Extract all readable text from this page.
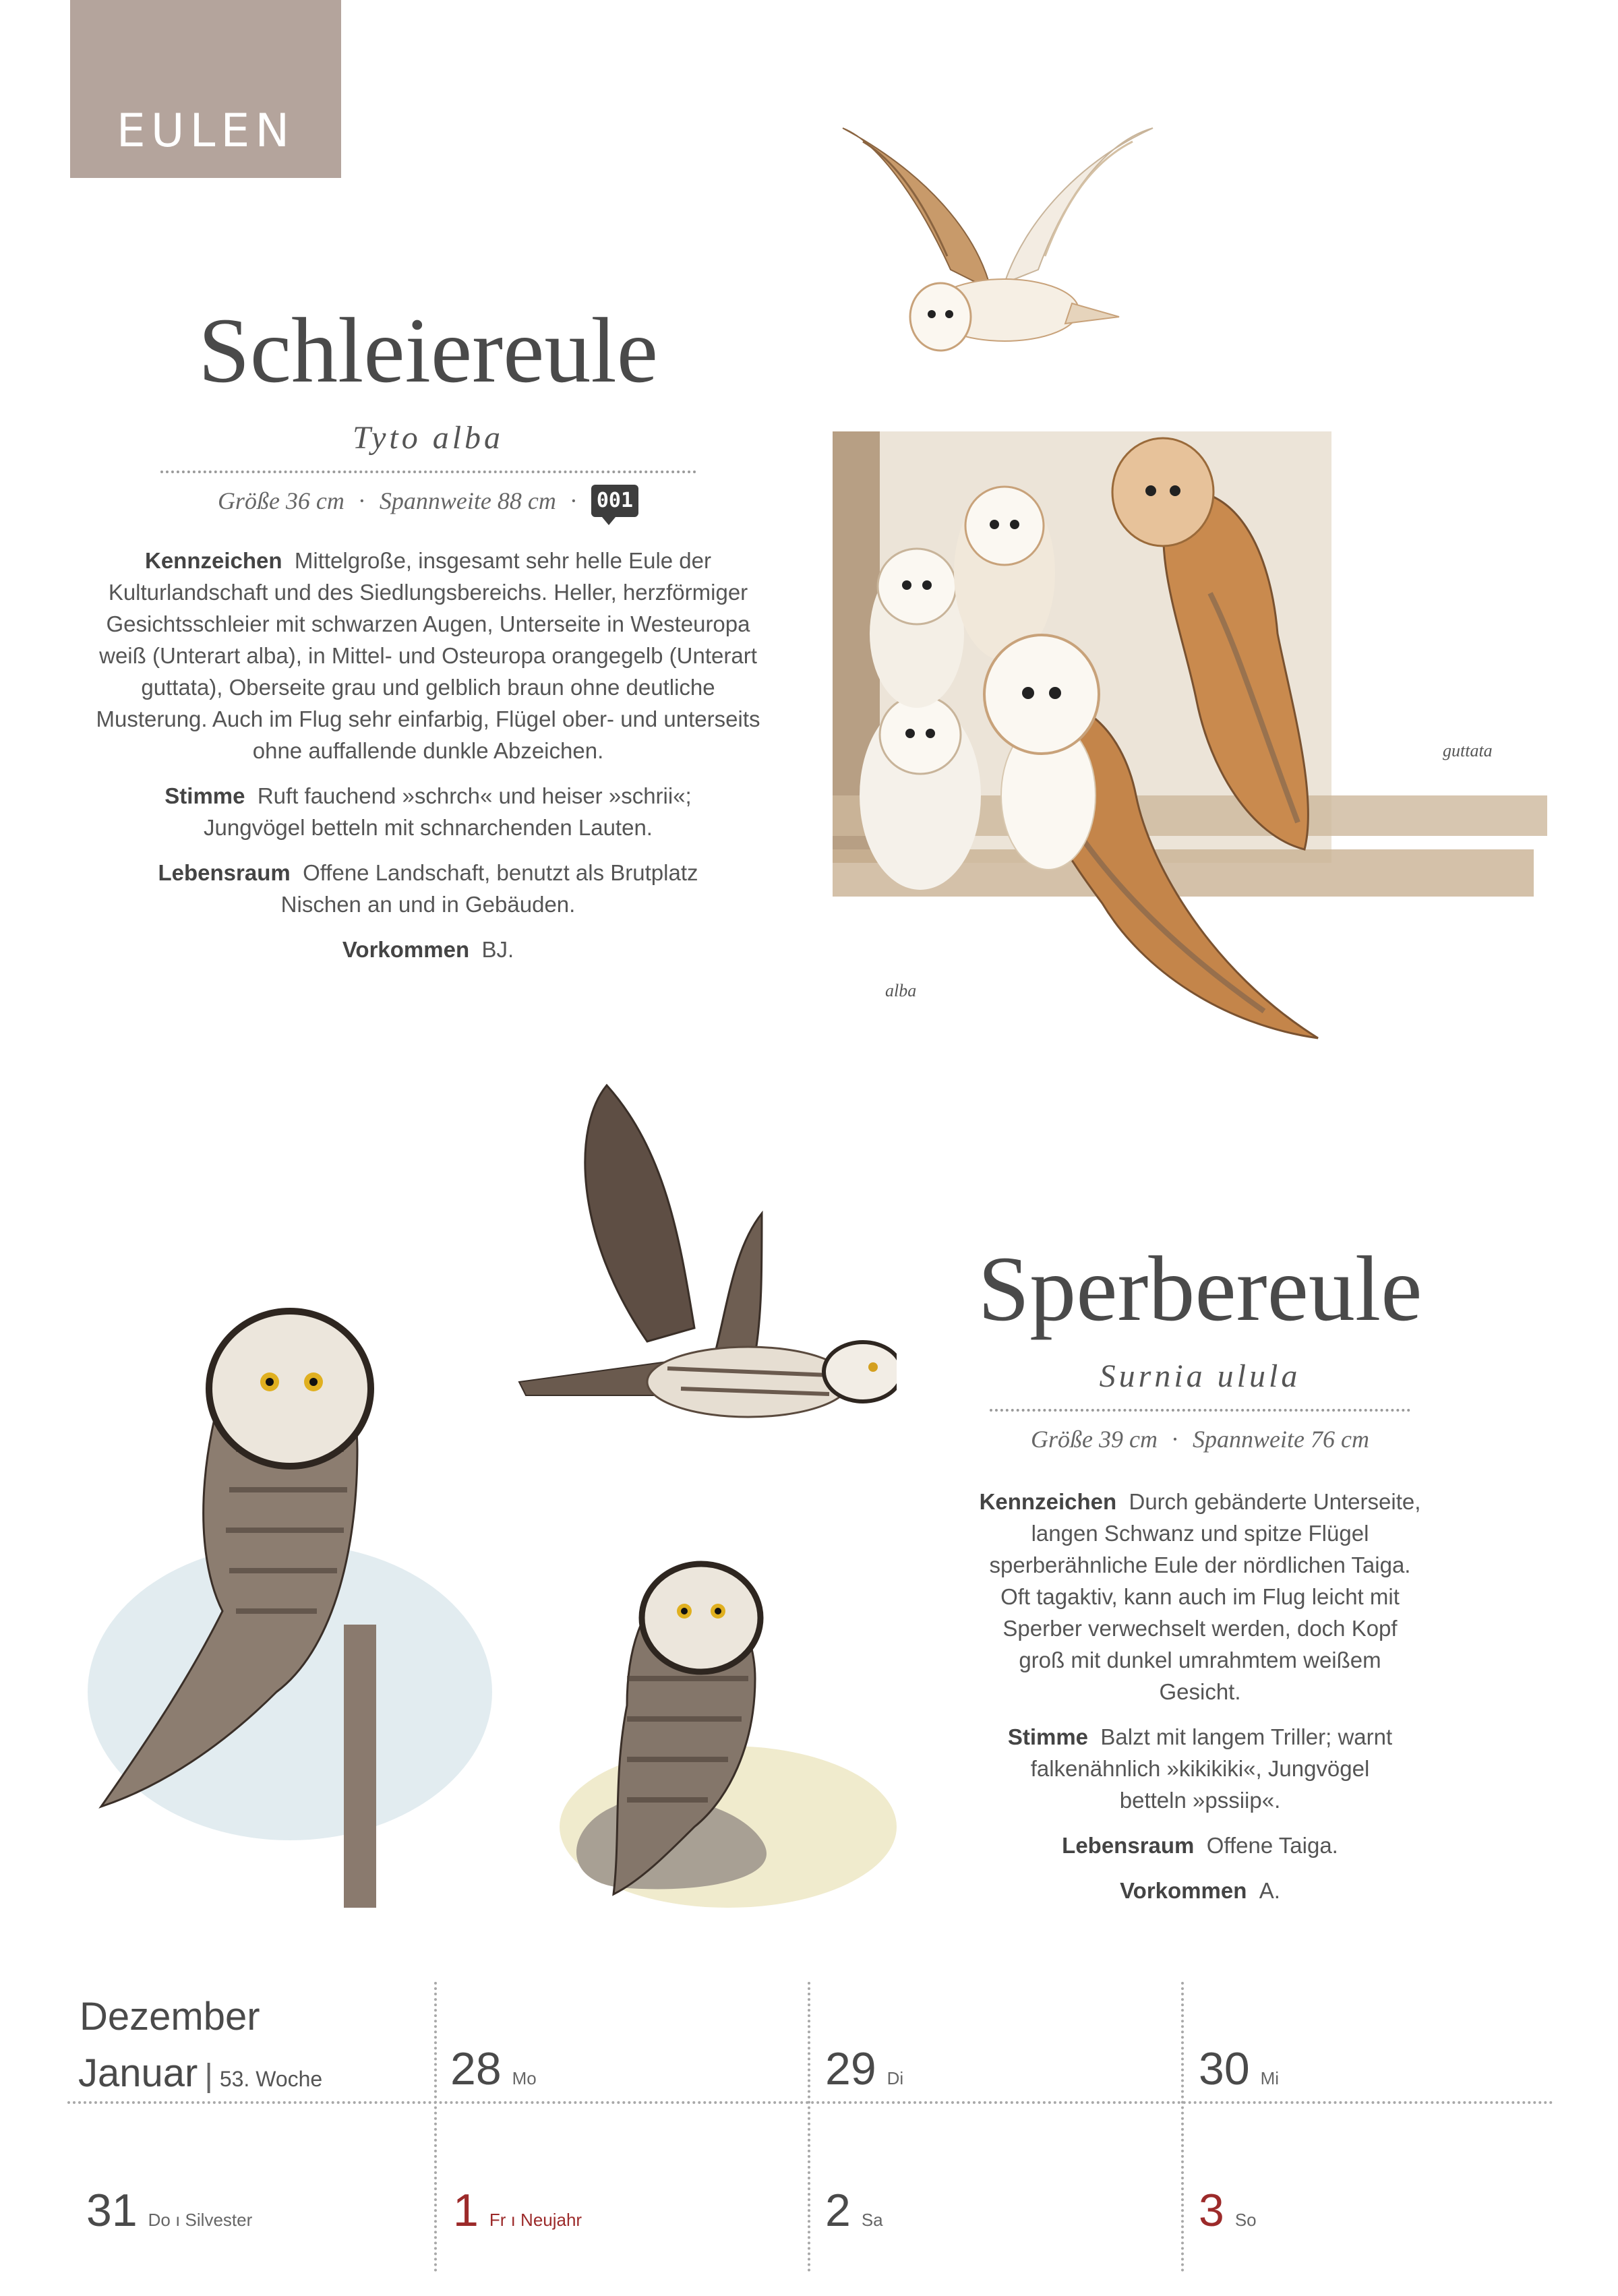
EULEN
Schleiereule
Tyto alba
Größe 36 cm · Spannweite 88 cm · 001

Kennzeichen Mittelgroße, insgesamt sehr helle Eule der Kulturlandschaft und des Siedlungsbereichs. Heller, herzförmiger Gesichtsschleier mit schwarzen Augen, Unterseite in Westeuropa weiß (Unterart alba), in Mittel- und Osteuropa orangegelb (Unterart guttata), Oberseite grau und gelblich braun ohne deutliche Musterung. Auch im Flug sehr einfarbig, Flügel ober- und unterseits ohne auffallende dunkle Abzeichen.

Stimme Ruft fauchend »schrch« und heiser »schrii«; Jungvögel betteln mit schnarchenden Lauten.

Lebensraum Offene Landschaft, benutzt als Brutplatz Nischen an und in Gebäuden.

Vorkommen BJ.

guttata
alba
Sperbereule
Surnia ulula
Größe 39 cm · Spannweite 76 cm

Kennzeichen Durch gebänderte Unterseite, langen Schwanz und spitze Flügel sperberähnliche Eule der nördlichen Taiga. Oft tagaktiv, kann auch im Flug leicht mit Sperber verwechselt werden, doch Kopf groß mit dunkel umrahmtem weißem Gesicht.

Stimme Balzt mit langem Triller; warnt falkenähnlich »kikikiki«, Jungvögel betteln »pssiip«.

Lebensraum Offene Taiga.

Vorkommen A.

Dezember
Januar | 53. Woche	28 Mo	29 Di	30 Mi
31 Do ı Silvester	1 Fr ı Neujahr	2 Sa	3 So
